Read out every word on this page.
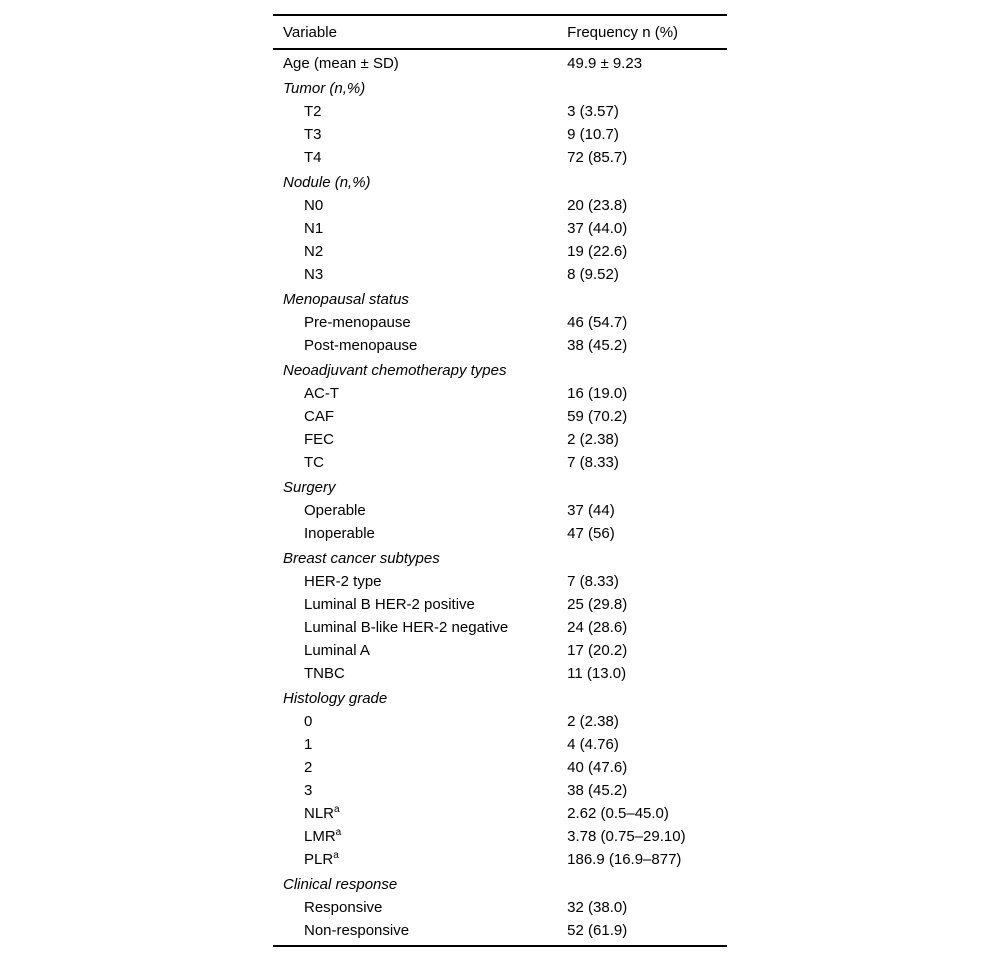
Variable	Frequency n (%)
Age (mean ± SD)	49.9 ± 9.23
Tumor (n,%)	
T2	3 (3.57)
T3	9 (10.7)
T4	72 (85.7)
Nodule (n,%)	
N0	20 (23.8)
N1	37 (44.0)
N2	19 (22.6)
N3	8 (9.52)
Menopausal status	
Pre-menopause	46 (54.7)
Post-menopause	38 (45.2)
Neoadjuvant chemotherapy types	
AC-T	16 (19.0)
CAF	59 (70.2)
FEC	2 (2.38)
TC	7 (8.33)
Surgery	
Operable	37 (44)
Inoperable	47 (56)
Breast cancer subtypes	
HER-2 type	7 (8.33)
Luminal B HER-2 positive	25 (29.8)
Luminal B-like HER-2 negative	24 (28.6)
Luminal A	17 (20.2)
TNBC	11 (13.0)
Histology grade	
0	2 (2.38)
1	4 (4.76)
2	40 (47.6)
3	38 (45.2)
NLR$^a$	2.62 (0.5–45.0)
LMR$^a$	3.78 (0.75–29.10)
PLR$^a$	186.9 (16.9–877)
Clinical response	
Responsive	32 (38.0)
Non-responsive	52 (61.9)
